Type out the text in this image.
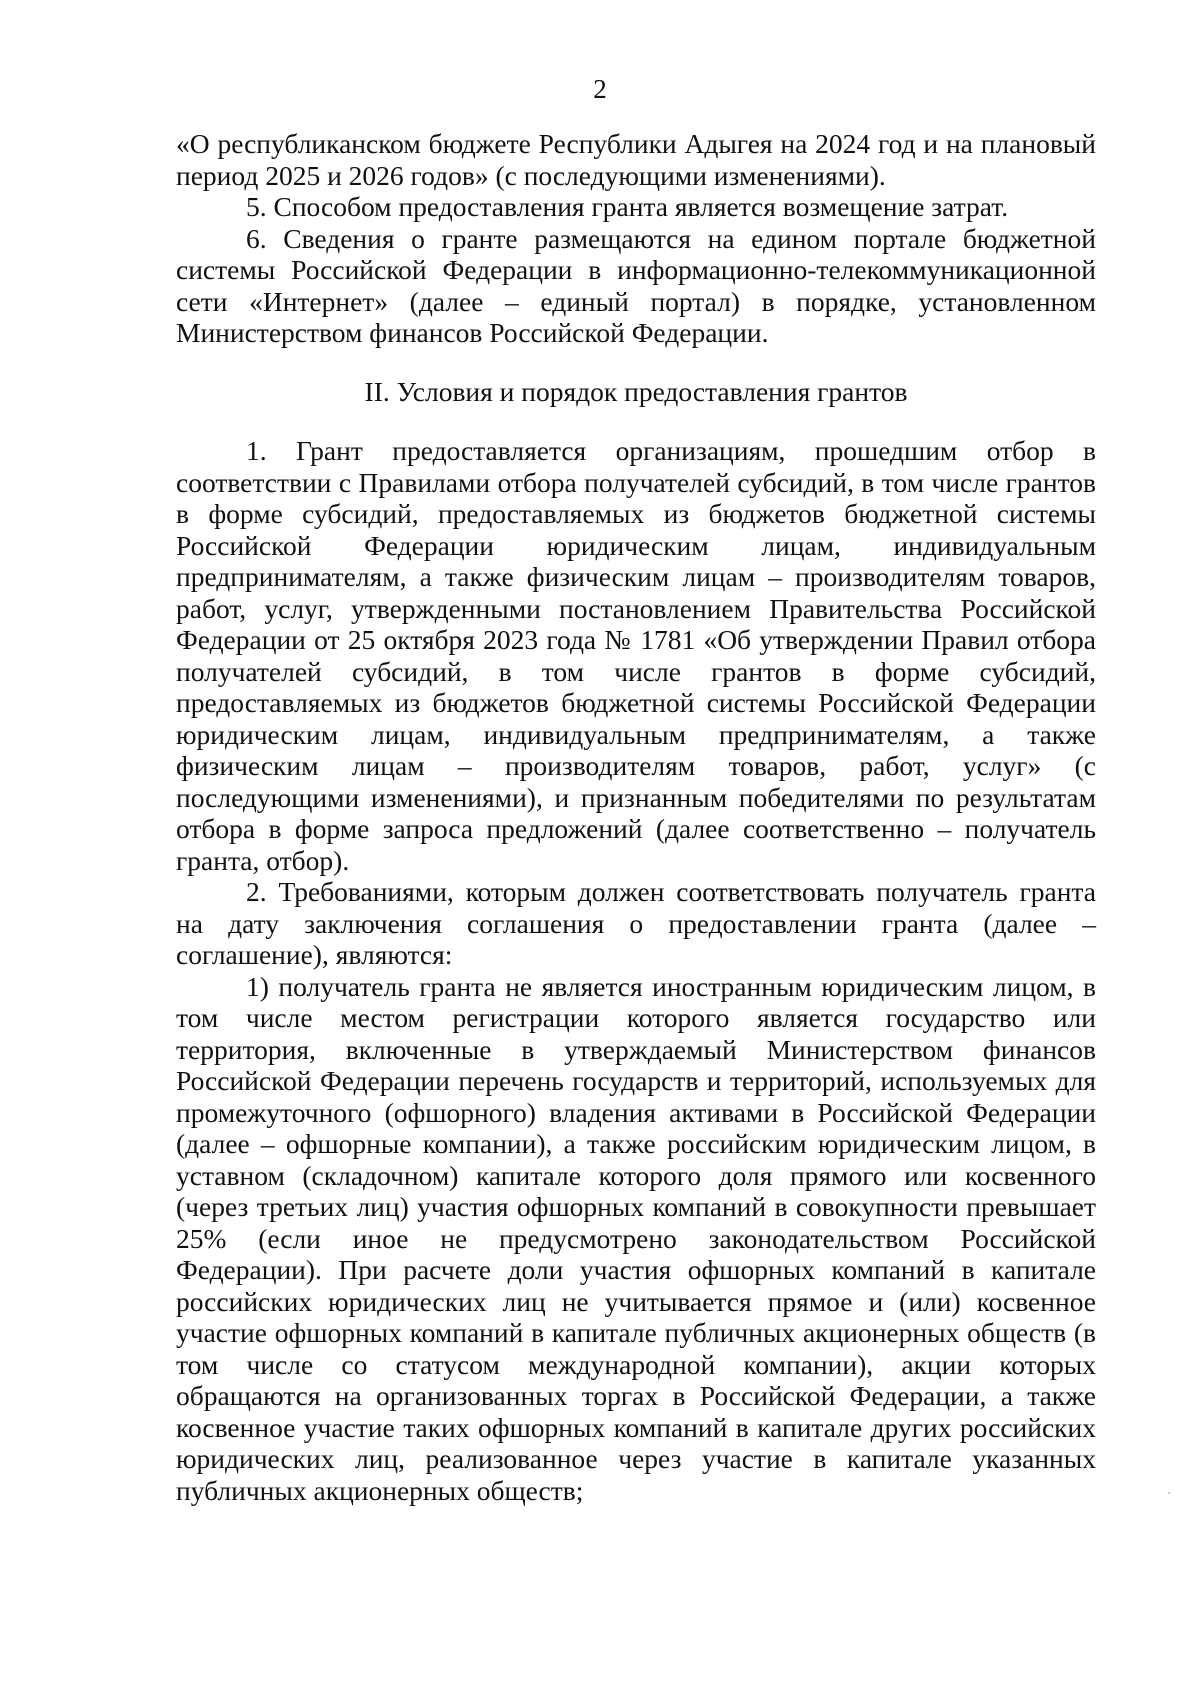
2

«О республиканском бюджете Республики Адыгея на 2024 год и на плановый период 2025 и 2026 годов» (с последующими изменениями).

5. Способом предоставления гранта является возмещение затрат.

6. Сведения о гранте размещаются на едином портале бюджетной системы Российской Федерации в информационно-телекоммуникационной сети «Интернет» (далее – единый портал) в порядке, установленном Министерством финансов Российской Федерации.

II. Условия и порядок предоставления грантов

1. Грант предоставляется организациям, прошедшим отбор в соответствии с Правилами отбора получателей субсидий, в том числе грантов в форме субсидий, предоставляемых из бюджетов бюджетной системы Российской Федерации юридическим лицам, индивидуальным предпринимателям, а также физическим лицам – производителям товаров, работ, услуг, утвержденными постановлением Правительства Российской Федерации от 25 октября 2023 года № 1781 «Об утверждении Правил отбора получателей субсидий, в том числе грантов в форме субсидий, предоставляемых из бюджетов бюджетной системы Российской Федерации юридическим лицам, индивидуальным предпринимателям, а также физическим лицам – производителям товаров, работ, услуг» (с последующими изменениями), и признанным победителями по результатам отбора в форме запроса предложений (далее соответственно – получатель гранта, отбор).

2. Требованиями, которым должен соответствовать получатель гранта на дату заключения соглашения о предоставлении гранта (далее – соглашение), являются:

1) получатель гранта не является иностранным юридическим лицом, в том числе местом регистрации которого является государство или территория, включенные в утверждаемый Министерством финансов Российской Федерации перечень государств и территорий, используемых для промежуточного (офшорного) владения активами в Российской Федерации (далее – офшорные компании), а также российским юридическим лицом, в уставном (складочном) капитале которого доля прямого или косвенного (через третьих лиц) участия офшорных компаний в совокупности превышает 25% (если иное не предусмотрено законодательством Российской Федерации). При расчете доли участия офшорных компаний в капитале российских юридических лиц не учитывается прямое и (или) косвенное участие офшорных компаний в капитале публичных акционерных обществ (в том числе со статусом международной компании), акции которых обращаются на организованных торгах в Российской Федерации, а также косвенное участие таких офшорных компаний в капитале других российских юридических лиц, реализованное через участие в капитале указанных публичных акционерных обществ;
